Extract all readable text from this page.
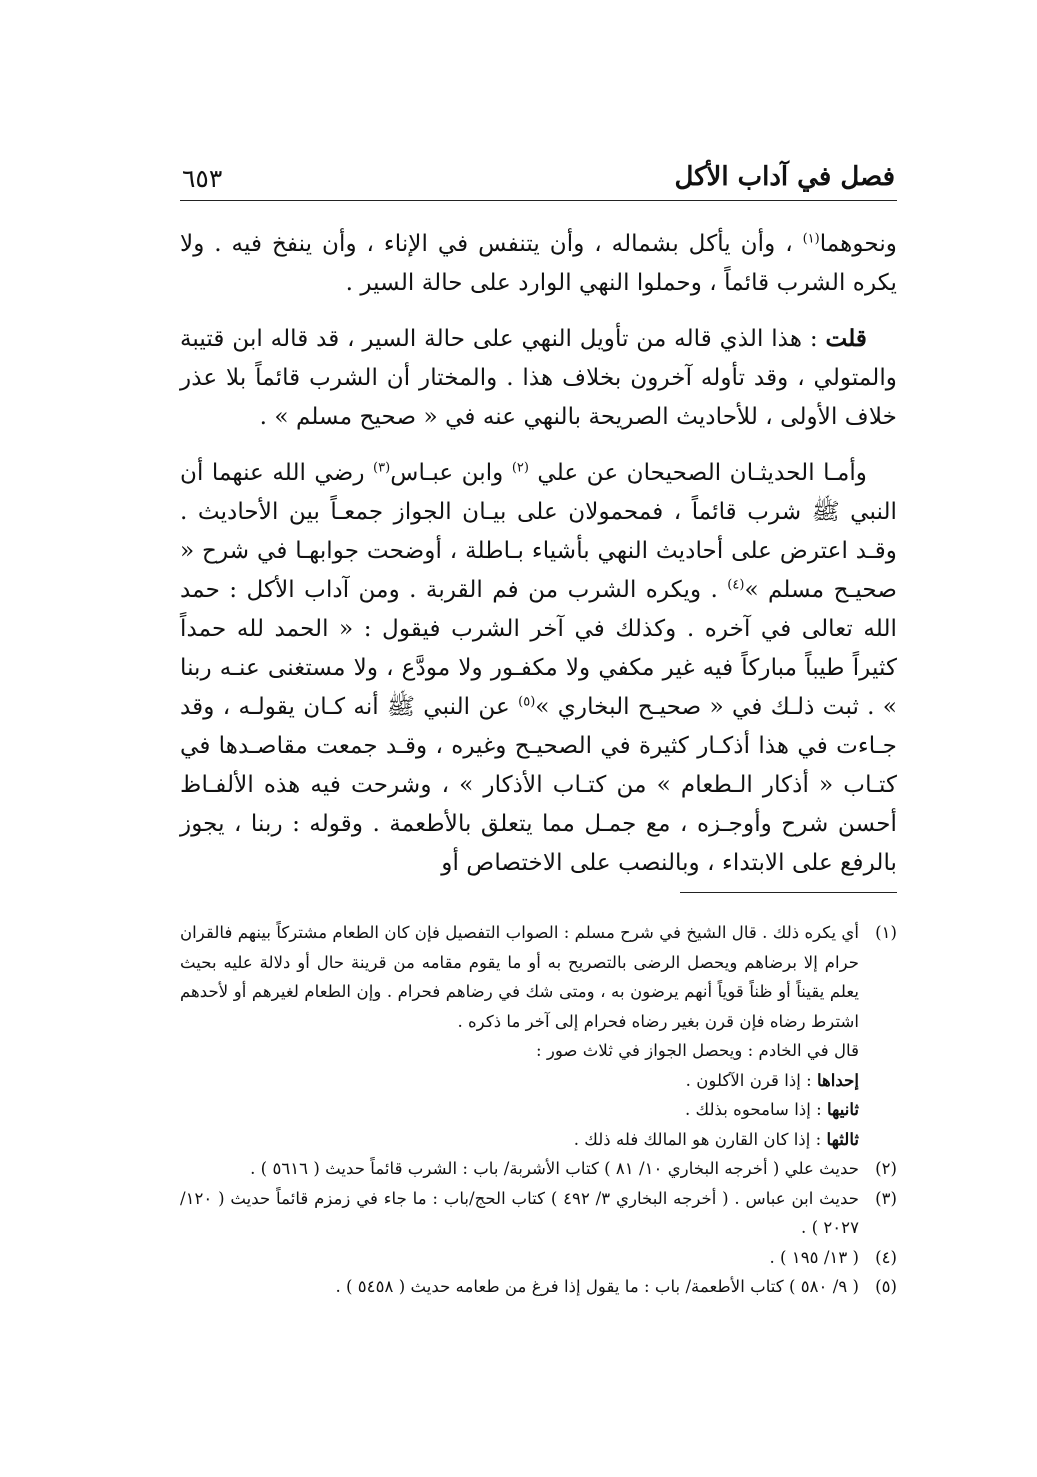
فصل في آداب الأكل
٦٥٣

ونحوهما$^{(١)}$ ، وأن يأكل بشماله ، وأن يتنفس في الإناء ، وأن ينفخ فيه . ولا يكره الشرب قائماً ، وحملوا النهي الوارد على حالة السير .

قلت : هذا الذي قاله من تأويل النهي على حالة السير ، قد قاله ابن قتيبة والمتولي ، وقد تأوله آخرون بخلاف هذا . والمختار أن الشرب قائماً بلا عذر خلاف الأولى ، للأحاديث الصريحة بالنهي عنه في « صحيح مسلم » .

وأمـا الحديثـان الصحيحان عن علي $^{(٢)}$ وابن عبـاس$^{(٣)}$ رضي الله عنهما أن النبي ﷺ شرب قائماً ، فمحمولان على بيـان الجواز جمعـاً بين الأحاديث . وقـد اعترض على أحاديث النهي بأشياء بـاطلة ، أوضحت جوابهـا في شرح « صحيـح مسلم »$^{(٤)}$ . ويكره الشرب من فم القربة . ومن آداب الأكل : حمد الله تعالى في آخره . وكذلك في آخر الشرب فيقول : « الحمد لله حمداً كثيراً طيباً مباركاً فيه غير مكفي ولا مكفـور ولا مودَّع ، ولا مستغنى عنـه ربنا » . ثبت ذلـك في « صحيـح البخاري »$^{(٥)}$ عن النبي ﷺ أنه كـان يقولـه ، وقد جـاءت في هذا أذكـار كثيرة في الصحيـح وغيره ، وقـد جمعت مقاصـدها في كتـاب « أذكار الـطعام » من كتـاب الأذكار » ، وشرحت فيه هذه الألفـاظ أحسن شرح وأوجـزه ، مع جمـل مما يتعلق بالأطعمة . وقوله : ربنا ، يجوز بالرفع على الابتداء ، وبالنصب على الاختصاص أو

(١)
أي يكره ذلك . قال الشيخ في شرح مسلم : الصواب التفصيل فإن كان الطعام مشتركاً بينهم فالقران حرام إلا برضاهم ويحصل الرضى بالتصريح به أو ما يقوم مقامه من قرينة حال أو دلالة عليه بحيث يعلم يقيناً أو ظناً قوياً أنهم يرضون به ، ومتى شك في رضاهم فحرام . وإن الطعام لغيرهم أو لأحدهم اشترط رضاه فإن قرن بغير رضاه فحرام إلى آخر ما ذكره .
قال في الخادم : ويحصل الجواز في ثلاث صور :
إحداها : إذا قرن الآكلون .
ثانيها : إذا سامحوه بذلك .
ثالثها : إذا كان القارن هو المالك فله ذلك .
(٢)
حديث علي ( أخرجه البخاري ١٠/ ٨١ ) كتاب الأشربة/ باب : الشرب قائماً حديث ( ٥٦١٦ ) .
(٣)
حديث ابن عباس . ( أخرجه البخاري ٣/ ٤٩٢ ) كتاب الحج/باب : ما جاء في زمزم قائماً حديث ( ١٢٠/ ٢٠٢٧ ) .
(٤)
( ١٣/ ١٩٥ ) .
(٥)
( ٩/ ٥٨٠ ) كتاب الأطعمة/ باب : ما يقول إذا فرغ من طعامه حديث ( ٥٤٥٨ ) .
